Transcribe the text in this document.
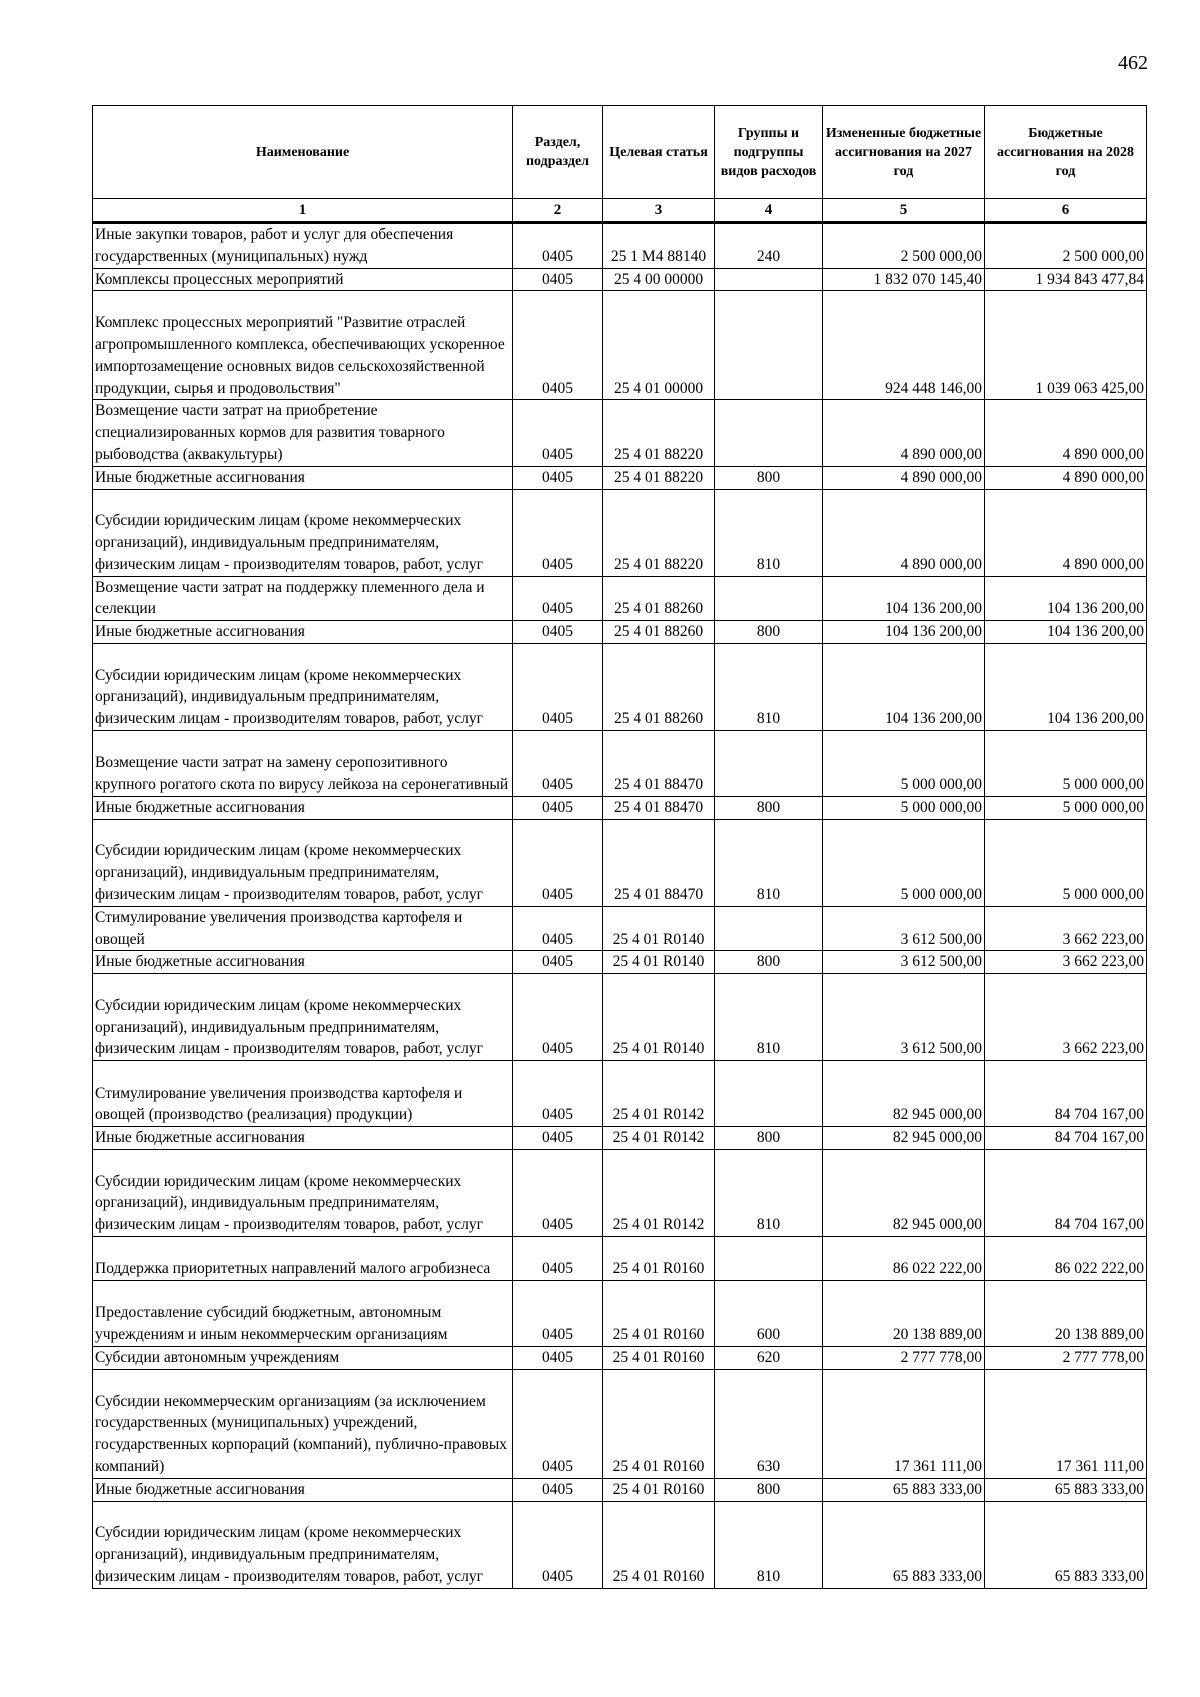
462
Наименование	Раздел, подраздел	Целевая статья	Группы и подгруппы видов расходов	Измененные бюджетные ассигнования на 2027 год	Бюджетные ассигнования на 2028 год
1	2	3	4	5	6
Иные закупки товаров, работ и услуг для обеспечения государственных (муниципальных) нужд	0405	25 1 М4 88140	240	2 500 000,00	2 500 000,00
Комплексы процессных мероприятий	0405	25 4 00 00000		1 832 070 145,40	1 934 843 477,84
Комплекс процессных мероприятий "Развитие отраслей агропромышленного комплекса, обеспечивающих ускоренное импортозамещение основных видов сельскохозяйственной продукции, сырья и продовольствия"	0405	25 4 01 00000		924 448 146,00	1 039 063 425,00
Возмещение части затрат на приобретение специализированных кормов для развития товарного рыбоводства (аквакультуры)	0405	25 4 01 88220		4 890 000,00	4 890 000,00
Иные бюджетные ассигнования	0405	25 4 01 88220	800	4 890 000,00	4 890 000,00
Субсидии юридическим лицам (кроме некоммерческих организаций), индивидуальным предпринимателям, физическим лицам - производителям товаров, работ, услуг	0405	25 4 01 88220	810	4 890 000,00	4 890 000,00
Возмещение части затрат на поддержку племенного дела и селекции	0405	25 4 01 88260		104 136 200,00	104 136 200,00
Иные бюджетные ассигнования	0405	25 4 01 88260	800	104 136 200,00	104 136 200,00
Субсидии юридическим лицам (кроме некоммерческих организаций), индивидуальным предпринимателям, физическим лицам - производителям товаров, работ, услуг	0405	25 4 01 88260	810	104 136 200,00	104 136 200,00
Возмещение части затрат на замену серопозитивного крупного рогатого скота по вирусу лейкоза на серонегативный	0405	25 4 01 88470		5 000 000,00	5 000 000,00
Иные бюджетные ассигнования	0405	25 4 01 88470	800	5 000 000,00	5 000 000,00
Субсидии юридическим лицам (кроме некоммерческих организаций), индивидуальным предпринимателям, физическим лицам - производителям товаров, работ, услуг	0405	25 4 01 88470	810	5 000 000,00	5 000 000,00
Стимулирование увеличения производства картофеля и овощей	0405	25 4 01 R0140		3 612 500,00	3 662 223,00
Иные бюджетные ассигнования	0405	25 4 01 R0140	800	3 612 500,00	3 662 223,00
Субсидии юридическим лицам (кроме некоммерческих организаций), индивидуальным предпринимателям, физическим лицам - производителям товаров, работ, услуг	0405	25 4 01 R0140	810	3 612 500,00	3 662 223,00
Стимулирование увеличения производства картофеля и овощей (производство (реализация) продукции)	0405	25 4 01 R0142		82 945 000,00	84 704 167,00
Иные бюджетные ассигнования	0405	25 4 01 R0142	800	82 945 000,00	84 704 167,00
Субсидии юридическим лицам (кроме некоммерческих организаций), индивидуальным предпринимателям, физическим лицам - производителям товаров, работ, услуг	0405	25 4 01 R0142	810	82 945 000,00	84 704 167,00
Поддержка приоритетных направлений малого агробизнеса	0405	25 4 01 R0160		86 022 222,00	86 022 222,00
Предоставление субсидий бюджетным, автономным учреждениям и иным некоммерческим организациям	0405	25 4 01 R0160	600	20 138 889,00	20 138 889,00
Субсидии автономным учреждениям	0405	25 4 01 R0160	620	2 777 778,00	2 777 778,00
Субсидии некоммерческим организациям (за исключением государственных (муниципальных) учреждений, государственных корпораций (компаний), публично-правовых компаний)	0405	25 4 01 R0160	630	17 361 111,00	17 361 111,00
Иные бюджетные ассигнования	0405	25 4 01 R0160	800	65 883 333,00	65 883 333,00
Субсидии юридическим лицам (кроме некоммерческих организаций), индивидуальным предпринимателям, физическим лицам - производителям товаров, работ, услуг	0405	25 4 01 R0160	810	65 883 333,00	65 883 333,00
